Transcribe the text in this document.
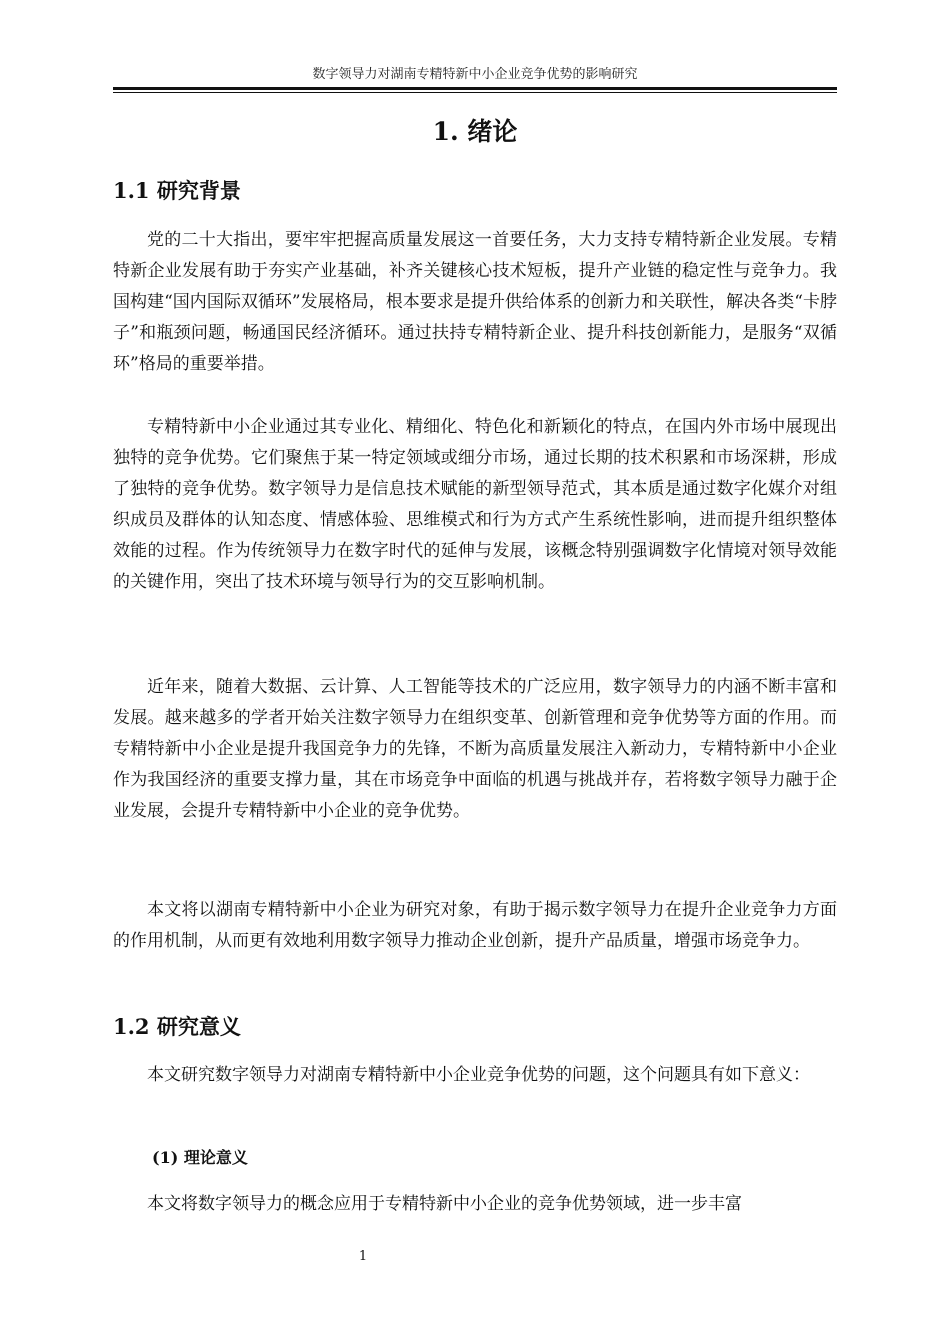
数字领导力对湖南专精特新中小企业竞争优势的影响研究
1. 绪论
1.1 研究背景

党的二十大指出，要牢牢把握高质量发展这一首要任务，大力支持专精特新企业发展。专精特新企业发展有助于夯实产业基础，补齐关键核心技术短板，提升产业链的稳定性与竞争力。我国构建“国内国际双循环”发展格局，根本要求是提升供给体系的创新力和关联性，解决各类“卡脖子”和瓶颈问题，畅通国民经济循环。通过扶持专精特新企业、提升科技创新能力，是服务“双循环”格局的重要举措。

专精特新中小企业通过其专业化、精细化、特色化和新颖化的特点，在国内外市场中展现出独特的竞争优势。它们聚焦于某一特定领域或细分市场，通过长期的技术积累和市场深耕，形成了独特的竞争优势。数字领导力是信息技术赋能的新型领导范式，其本质是通过数字化媒介对组织成员及群体的认知态度、情感体验、思维模式和行为方式产生系统性影响，进而提升组织整体效能的过程。作为传统领导力在数字时代的延伸与发展，该概念特别强调数字化情境对领导效能的关键作用，突出了技术环境与领导行为的交互影响机制。

近年来，随着大数据、云计算、人工智能等技术的广泛应用，数字领导力的内涵不断丰富和发展。越来越多的学者开始关注数字领导力在组织变革、创新管理和竞争优势等方面的作用。而专精特新中小企业是提升我国竞争力的先锋，不断为高质量发展注入新动力，专精特新中小企业作为我国经济的重要支撑力量，其在市场竞争中面临的机遇与挑战并存，若将数字领导力融于企业发展，会提升专精特新中小企业的竞争优势。

本文将以湖南专精特新中小企业为研究对象，有助于揭示数字领导力在提升企业竞争力方面的作用机制，从而更有效地利用数字领导力推动企业创新，提升产品质量，增强市场竞争力。

1.2 研究意义

本文研究数字领导力对湖南专精特新中小企业竞争优势的问题，这个问题具有如下意义：

(1) 理论意义

本文将数字领导力的概念应用于专精特新中小企业的竞争优势领域，进一步丰富

1
